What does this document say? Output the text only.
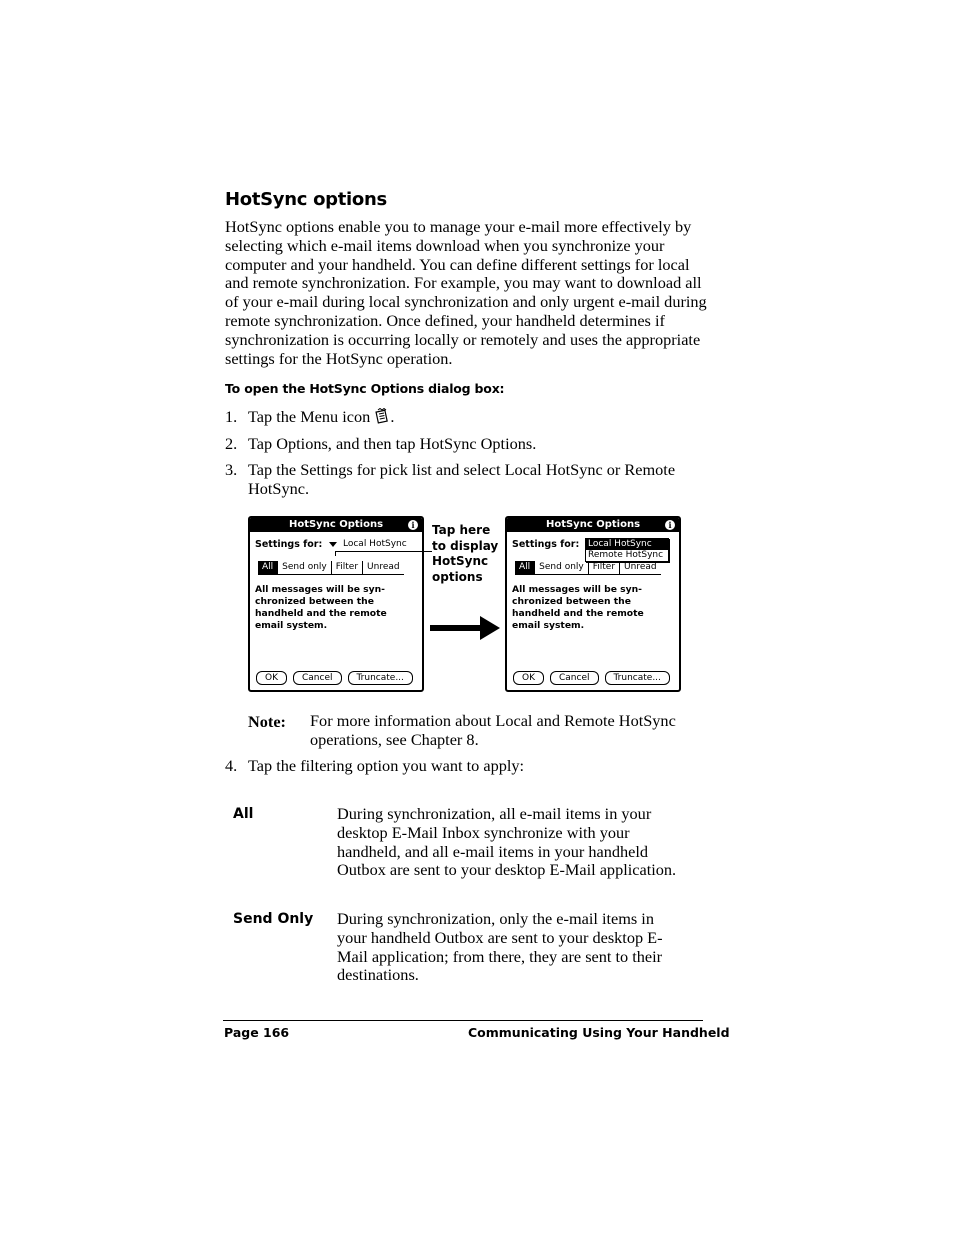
HotSync options
HotSync options enable you to manage your e-mail more effectively by selecting which e-mail items download when you synchronize your computer and your handheld. You can define different settings for local and remote synchronization. For example, you may want to download all of your e-mail during local synchronization and only urgent e-mail during remote synchronization. Once defined, your handheld determines if synchronization is occurring locally or remotely and uses the appropriate settings for the HotSync operation.
To open the HotSync Options dialog box:
1. Tap the Menu icon .
2. Tap Options, and then tap HotSync Options.
3. Tap the Settings for pick list and select Local HotSync or Remote HotSync.
HotSync Options	i
Settings for: Local HotSync
All	Send only	Filter	Unread
All messages will be syn-chronized between the handheld and the remote email system.
OK	Cancel	Truncate...
Tap here
to display
HotSync
options
HotSync Options	i
Settings for:
All	Send only	Filter	Unread
Local HotSync
Remote HotSync
All messages will be syn-chronized between the handheld and the remote email system.
OK	Cancel	Truncate...
Note: For more information about Local and Remote HotSync operations, see Chapter 8.
4. Tap the filtering option you want to apply:
All	During synchronization, all e-mail items in your desktop E-Mail Inbox synchronize with your handheld, and all e-mail items in your handheld Outbox are sent to your desktop E-Mail application.
Send Only During synchronization, only the e-mail items in your handheld Outbox are sent to your desktop E-Mail application; from there, they are sent to their destinations.
Page 166	Communicating Using Your Handheld
